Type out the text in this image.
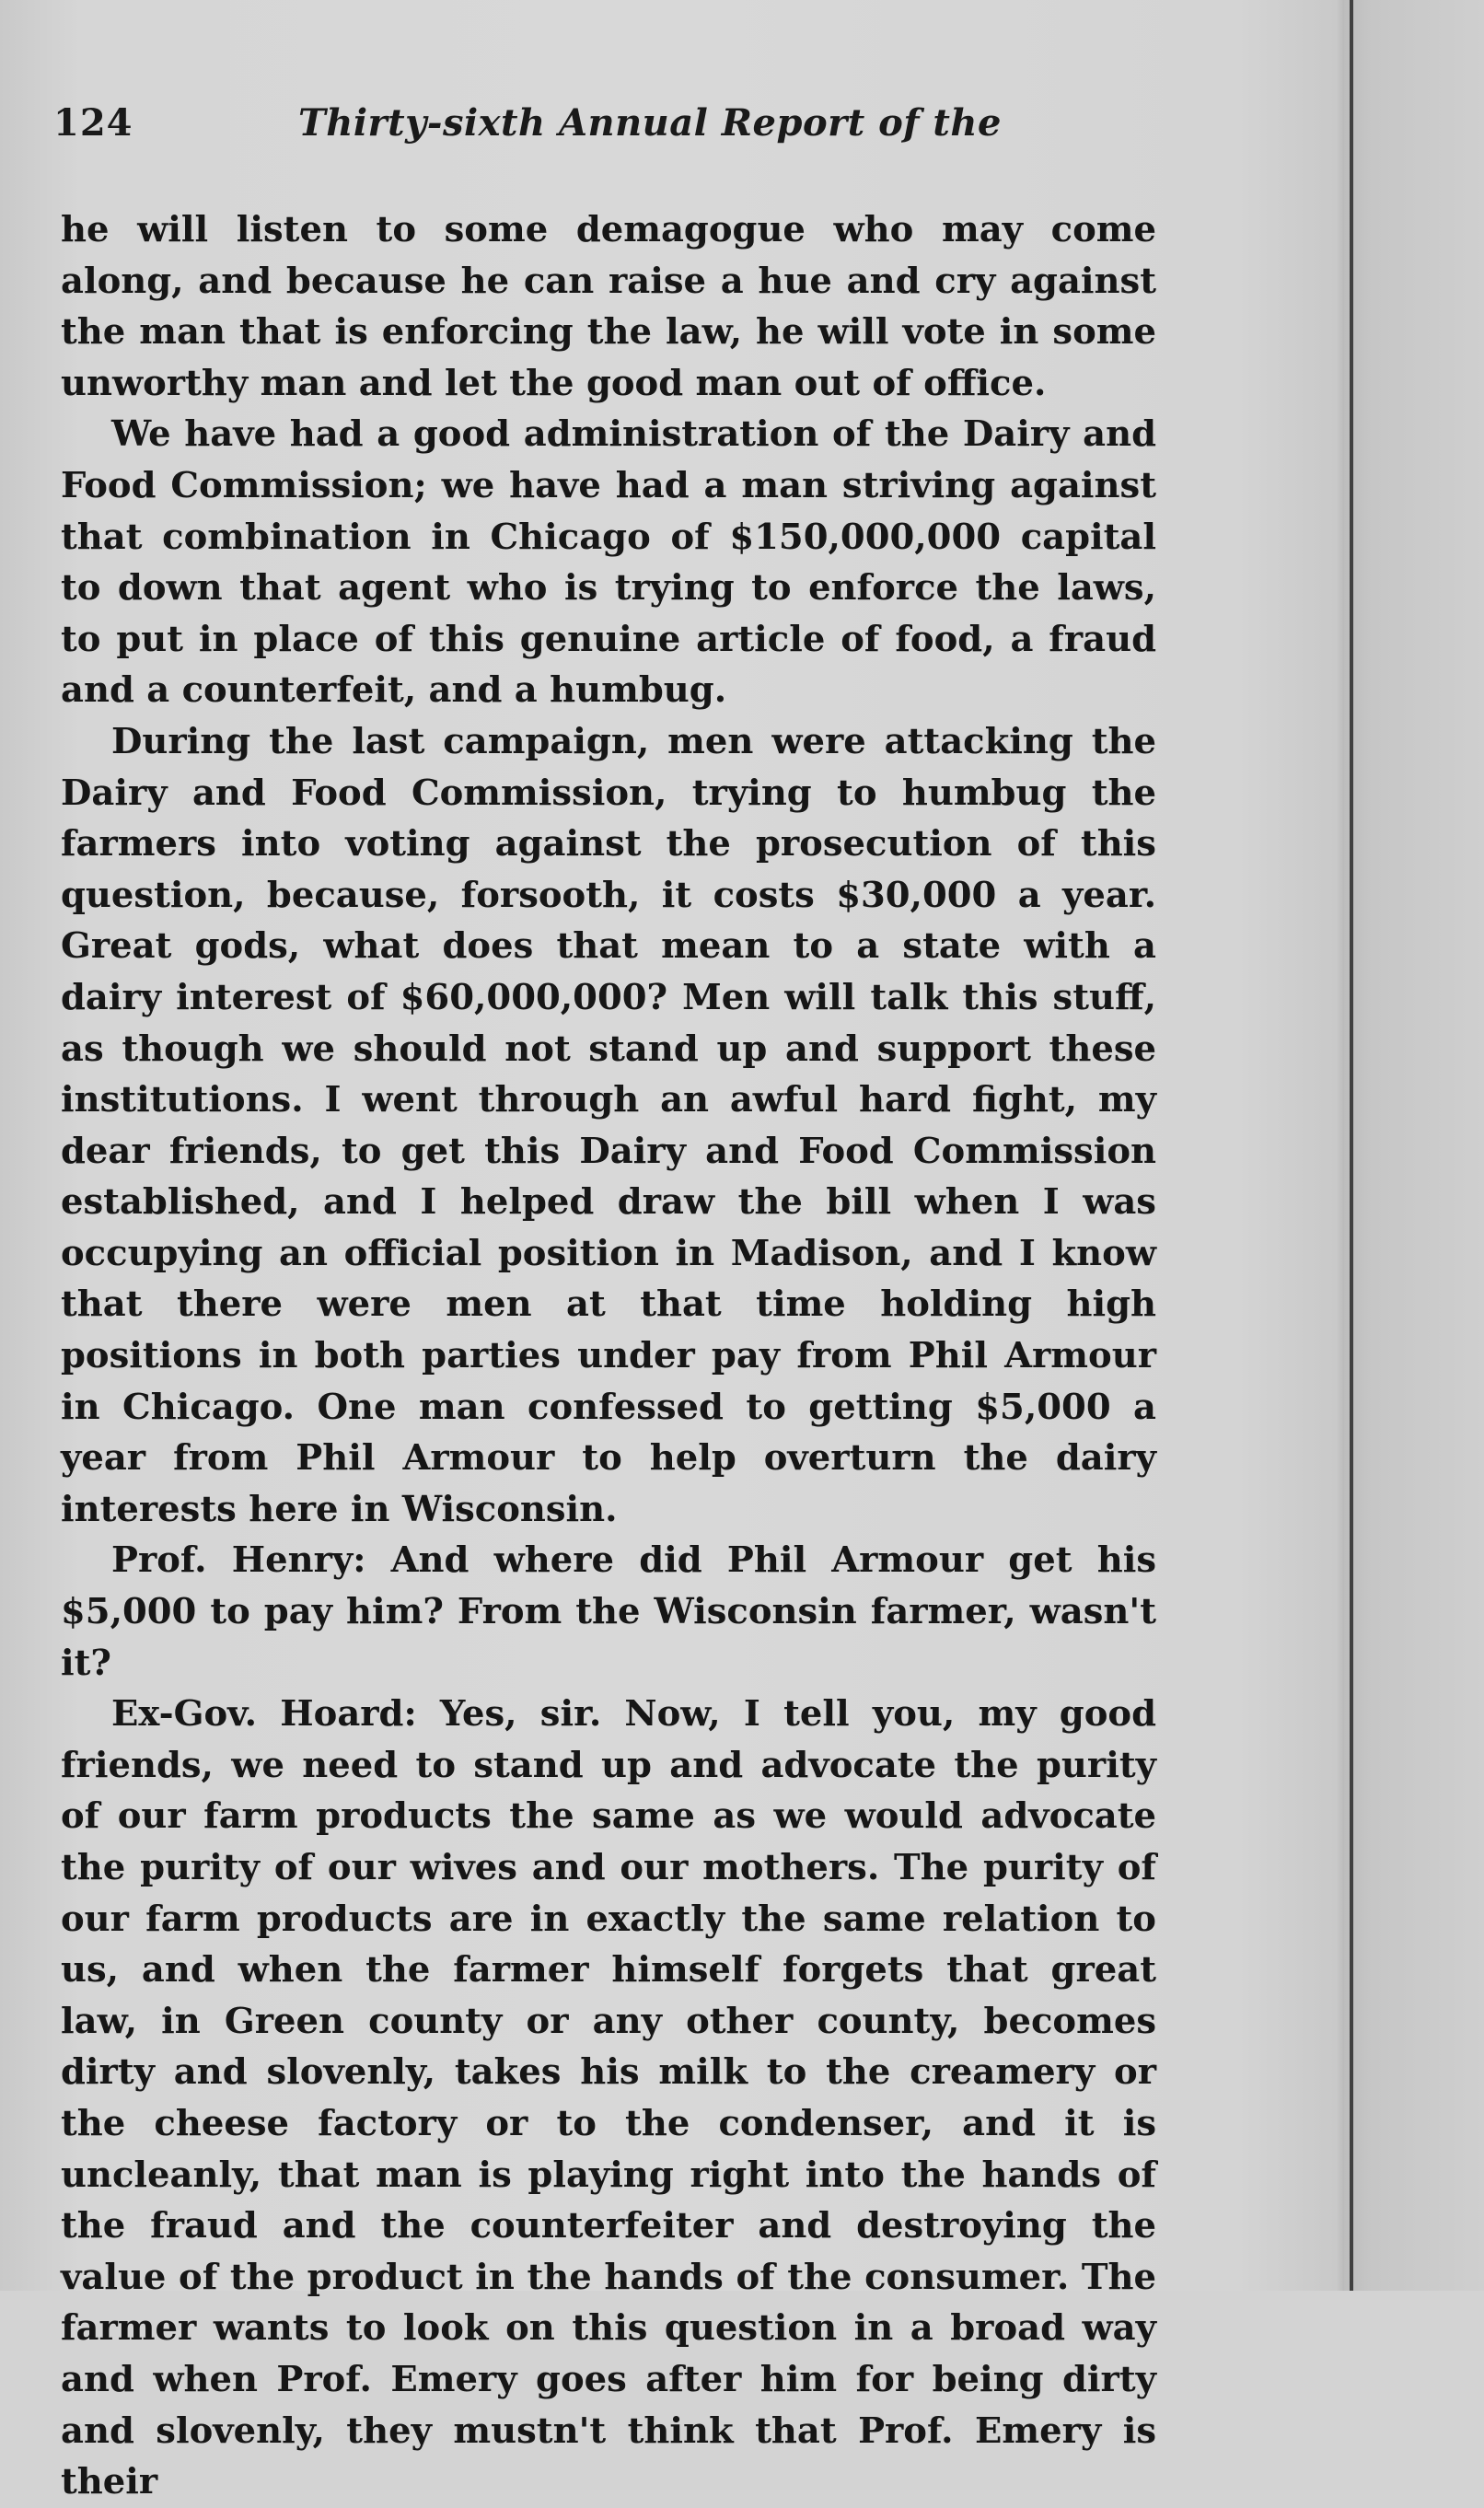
124	Thirty-sixth Annual Report of the

he will listen to some demagogue who may come along, and because he can raise a hue and cry against the man that is enforcing the law, he will vote in some unworthy man and let the good man out of office.

We have had a good administration of the Dairy and Food Commission; we have had a man striving against that combination in Chicago of $150,000,000 capital to down that agent who is trying to enforce the laws, to put in place of this genuine article of food, a fraud and a counterfeit, and a humbug.

During the last campaign, men were attacking the Dairy and Food Commission, trying to humbug the farmers into voting against the prosecution of this question, because, forsooth, it costs $30,000 a year. Great gods, what does that mean to a state with a dairy interest of $60,000,000? Men will talk this stuff, as though we should not stand up and support these institutions. I went through an awful hard fight, my dear friends, to get this Dairy and Food Commission established, and I helped draw the bill when I was occupying an official position in Madison, and I know that there were men at that time holding high positions in both parties under pay from Phil Armour in Chicago. One man confessed to getting $5,000 a year from Phil Armour to help overturn the dairy interests here in Wisconsin.

Prof. Henry: And where did Phil Armour get his $5,000 to pay him? From the Wisconsin farmer, wasn't it?

Ex-Gov. Hoard: Yes, sir. Now, I tell you, my good friends, we need to stand up and advocate the purity of our farm products the same as we would advocate the purity of our wives and our mothers. The purity of our farm products are in exactly the same relation to us, and when the farmer himself forgets that great law, in Green county or any other county, becomes dirty and slovenly, takes his milk to the creamery or the cheese factory or to the condenser, and it is uncleanly, that man is playing right into the hands of the fraud and the counterfeiter and destroying the value of the product in the hands of the consumer. The farmer wants to look on this question in a broad way and when Prof. Emery goes after him for being dirty and slovenly, they mustn't think that Prof. Emery is their
